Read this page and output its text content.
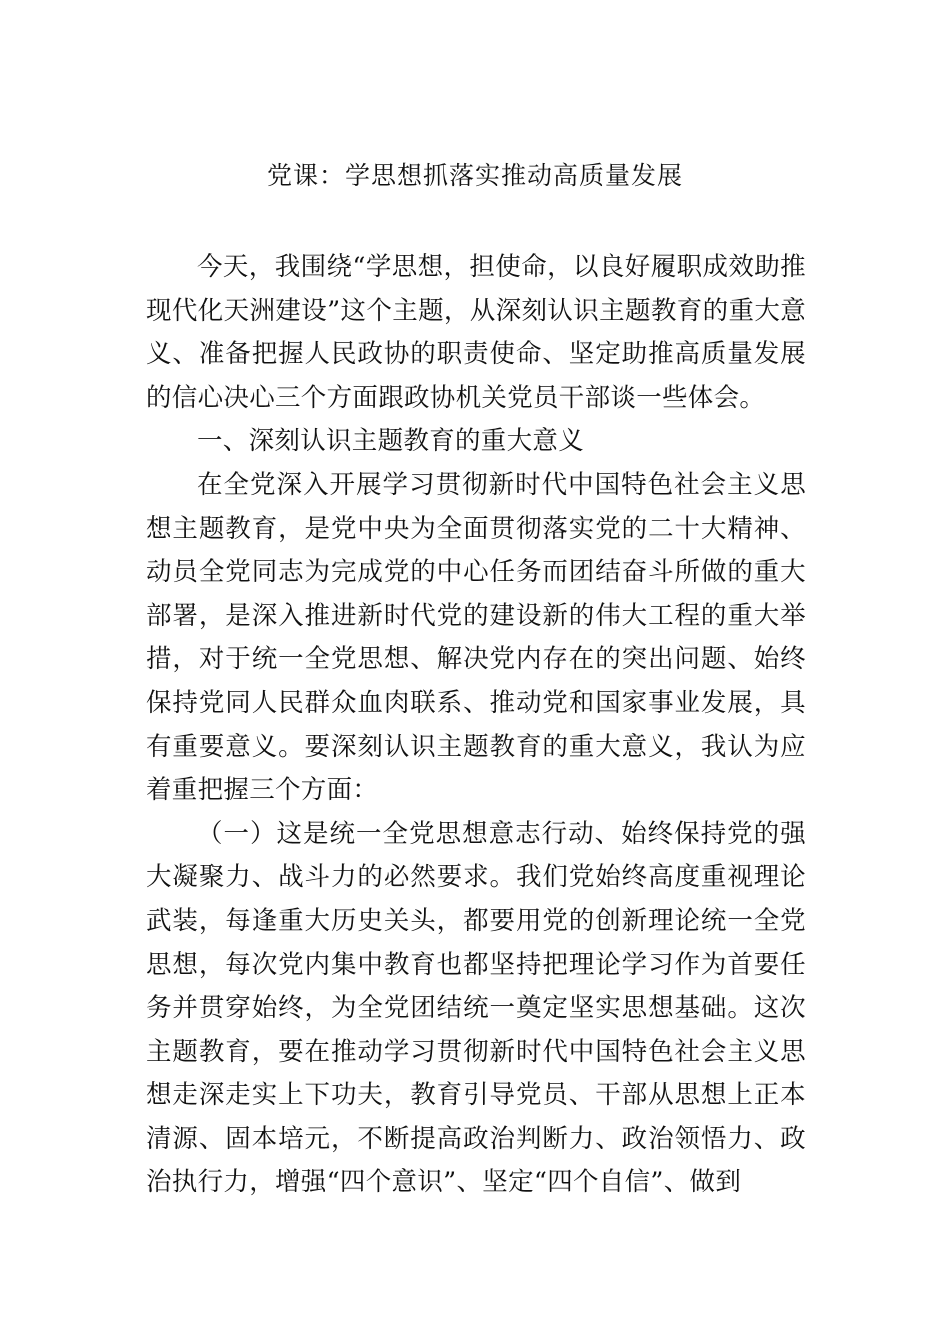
党课：学思想抓落实推动高质量发展

今天，我围绕“学思想，担使命，以良好履职成效助推现代化天洲建设”这个主题，从深刻认识主题教育的重大意义、准备把握人民政协的职责使命、坚定助推高质量发展的信心决心三个方面跟政协机关党员干部谈一些体会。

一、深刻认识主题教育的重大意义

在全党深入开展学习贯彻新时代中国特色社会主义思想主题教育，是党中央为全面贯彻落实党的二十大精神、动员全党同志为完成党的中心任务而团结奋斗所做的重大部署，是深入推进新时代党的建设新的伟大工程的重大举措，对于统一全党思想、解决党内存在的突出问题、始终保持党同人民群众血肉联系、推动党和国家事业发展，具有重要意义。要深刻认识主题教育的重大意义，我认为应着重把握三个方面：

（一）这是统一全党思想意志行动、始终保持党的强大凝聚力、战斗力的必然要求。我们党始终高度重视理论武装，每逢重大历史关头，都要用党的创新理论统一全党思想，每次党内集中教育也都坚持把理论学习作为首要任务并贯穿始终，为全党团结统一奠定坚实思想基础。这次主题教育，要在推动学习贯彻新时代中国特色社会主义思想走深走实上下功夫，教育引导党员、干部从思想上正本清源、固本培元，不断提高政治判断力、政治领悟力、政治执行力，增强“四个意识”、坚定“四个自信”、做到
